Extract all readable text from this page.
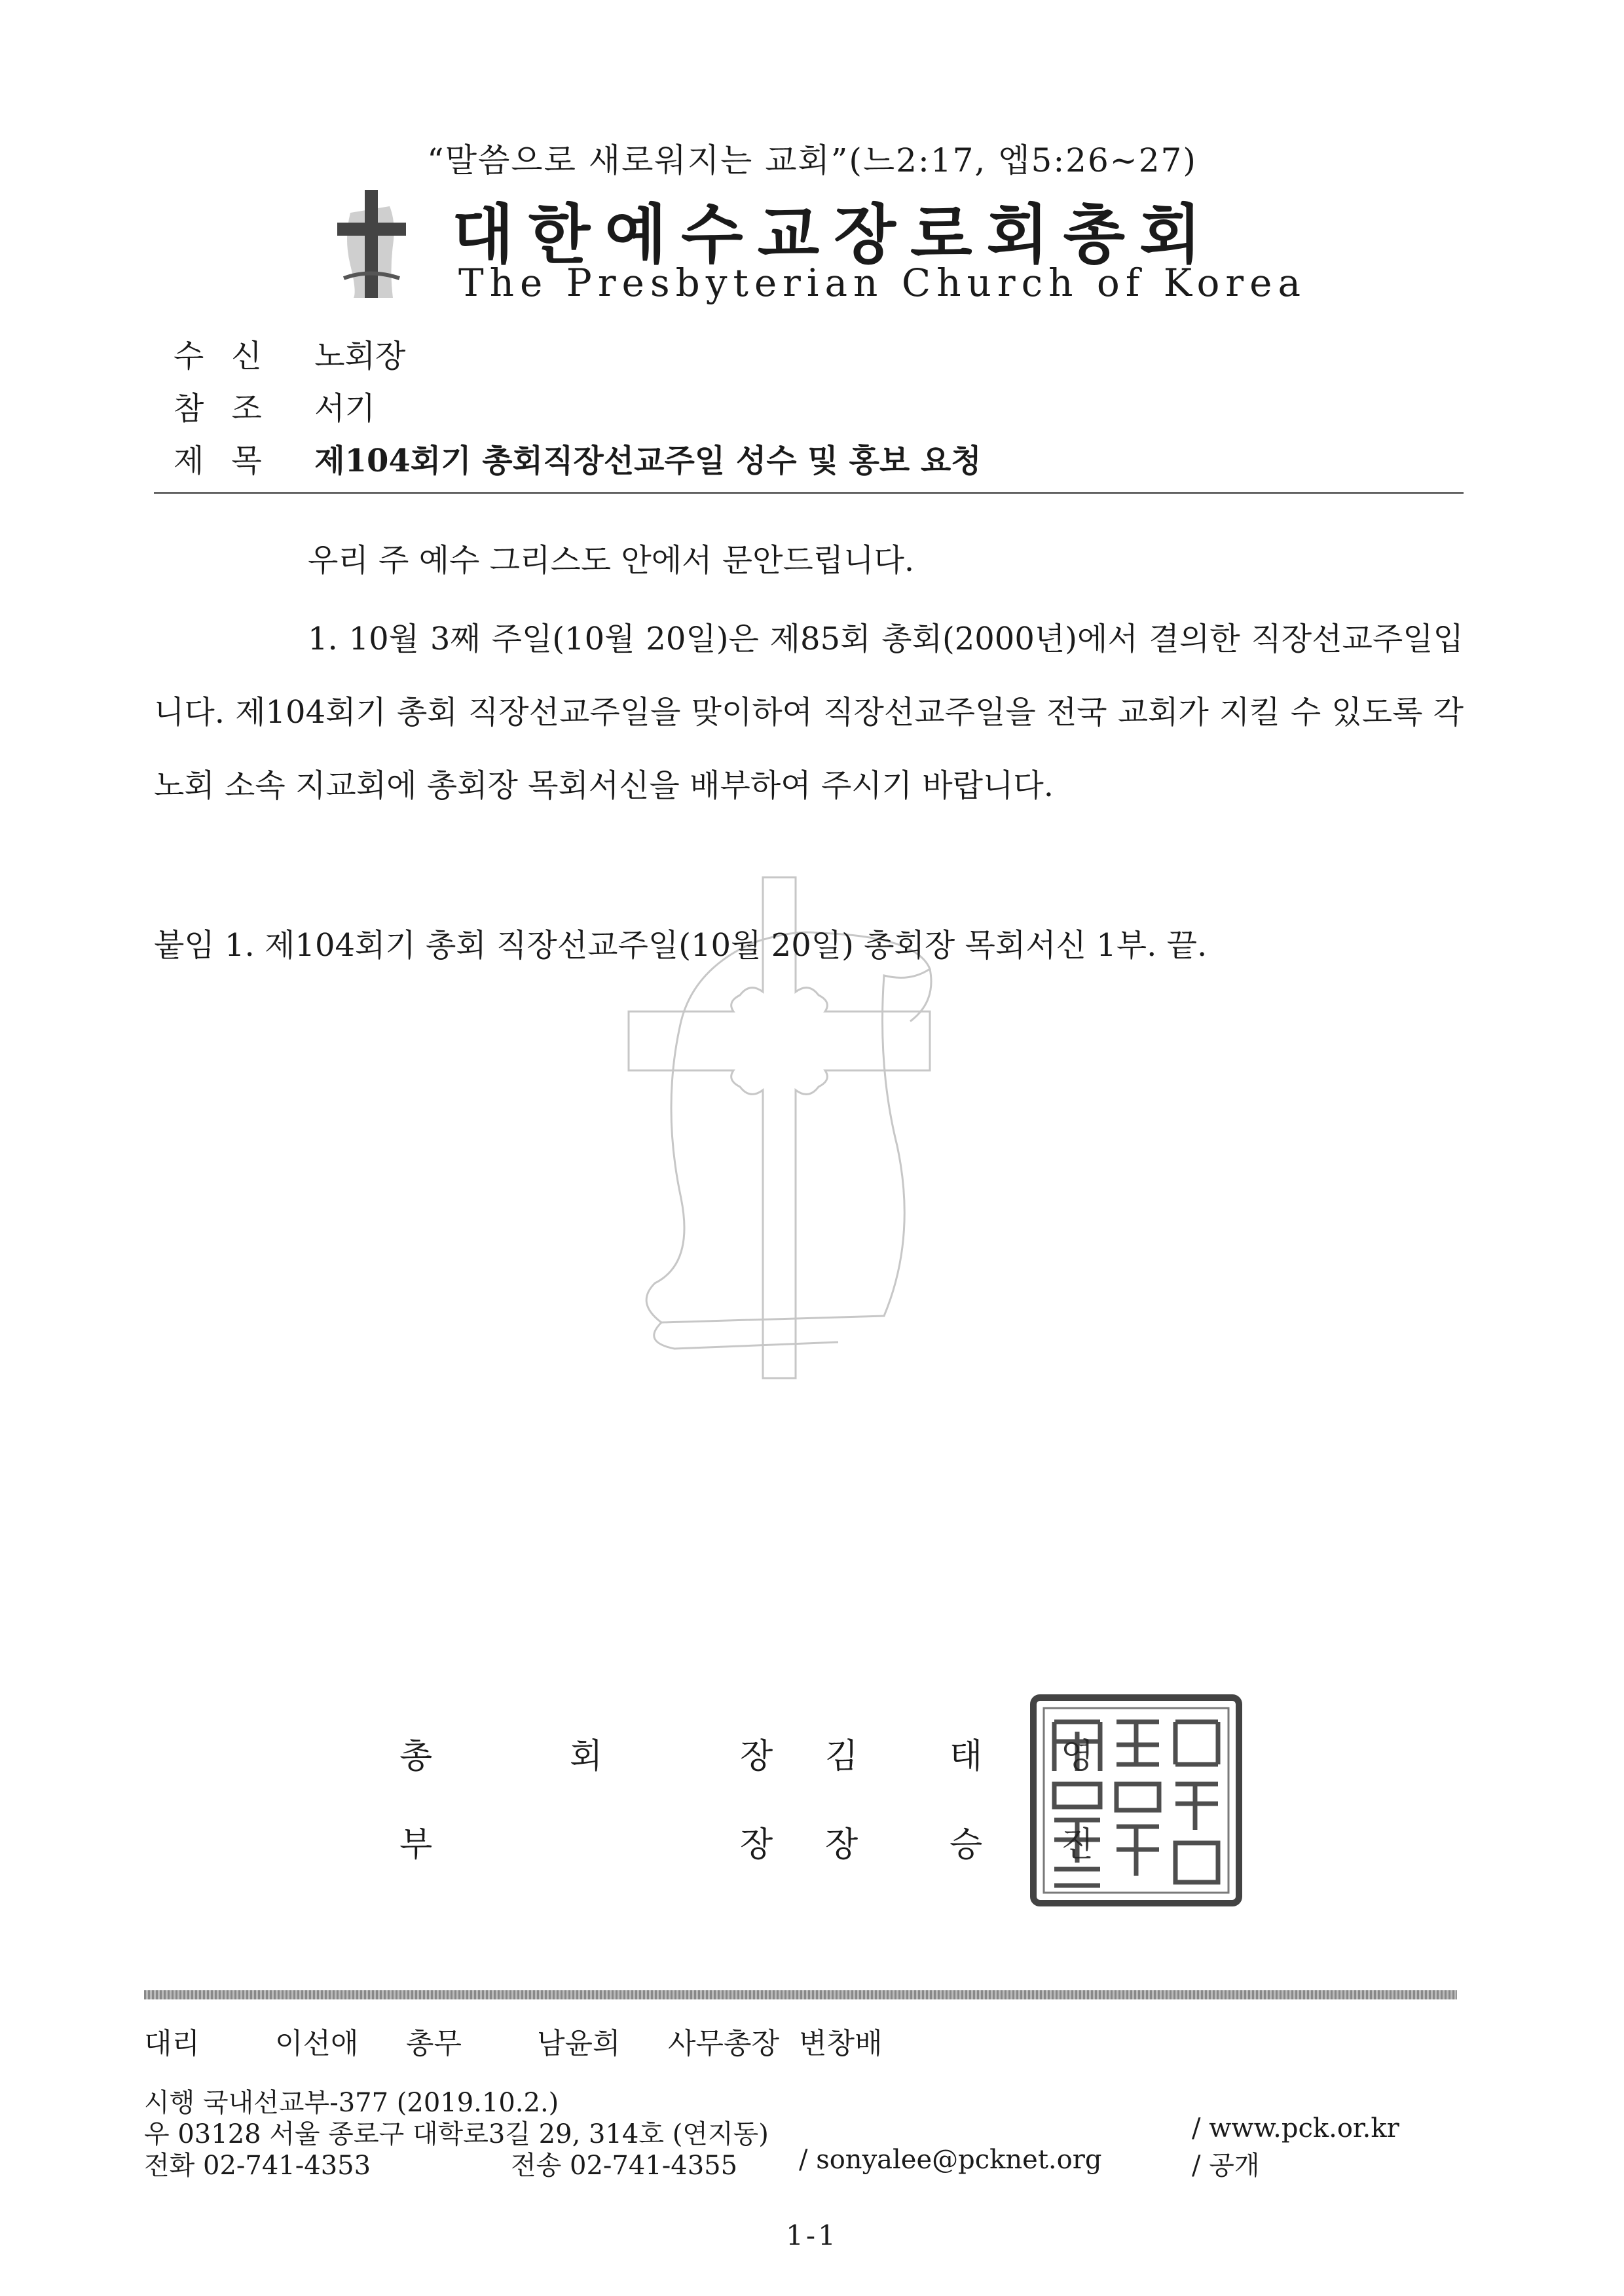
“말씀으로 새로워지는 교회”(느2:17, 엡5:26~27)
대한예수교장로회총회
The Presbyterian Church of Korea
수신 노회장
참조 서기
제목 제104회기 총회직장선교주일 성수 및 홍보 요청
우리 주 예수 그리스도 안에서 문안드립니다.
1. 10월 3째 주일(10월 20일)은 제85회 총회(2000년)에서 결의한 직장선교주일입니다. 제104회기 총회 직장선교주일을 맞이하여 직장선교주일을 전국 교회가 지킬 수 있도록 각 노회 소속 지교회에 총회장 목회서신을 배부하여 주시기 바랍니다.
붙임 1. 제104회기 총회 직장선교주일(10월 20일) 총회장 목회서신 1부. 끝.
총	회	장 김	태 영
부	장 장	승 진
대리	이선애 총무	남윤희 사무총장 변창배
시행 국내선교부-377 (2019.10.2.)
우 03128 서울 종로구 대학로3길 29, 314호 (연지동)	/ www.pck.or.kr
전화 02-741-4353	전송 02-741-4355 / sonyalee@pcknet.org	/ 공개
1-1
